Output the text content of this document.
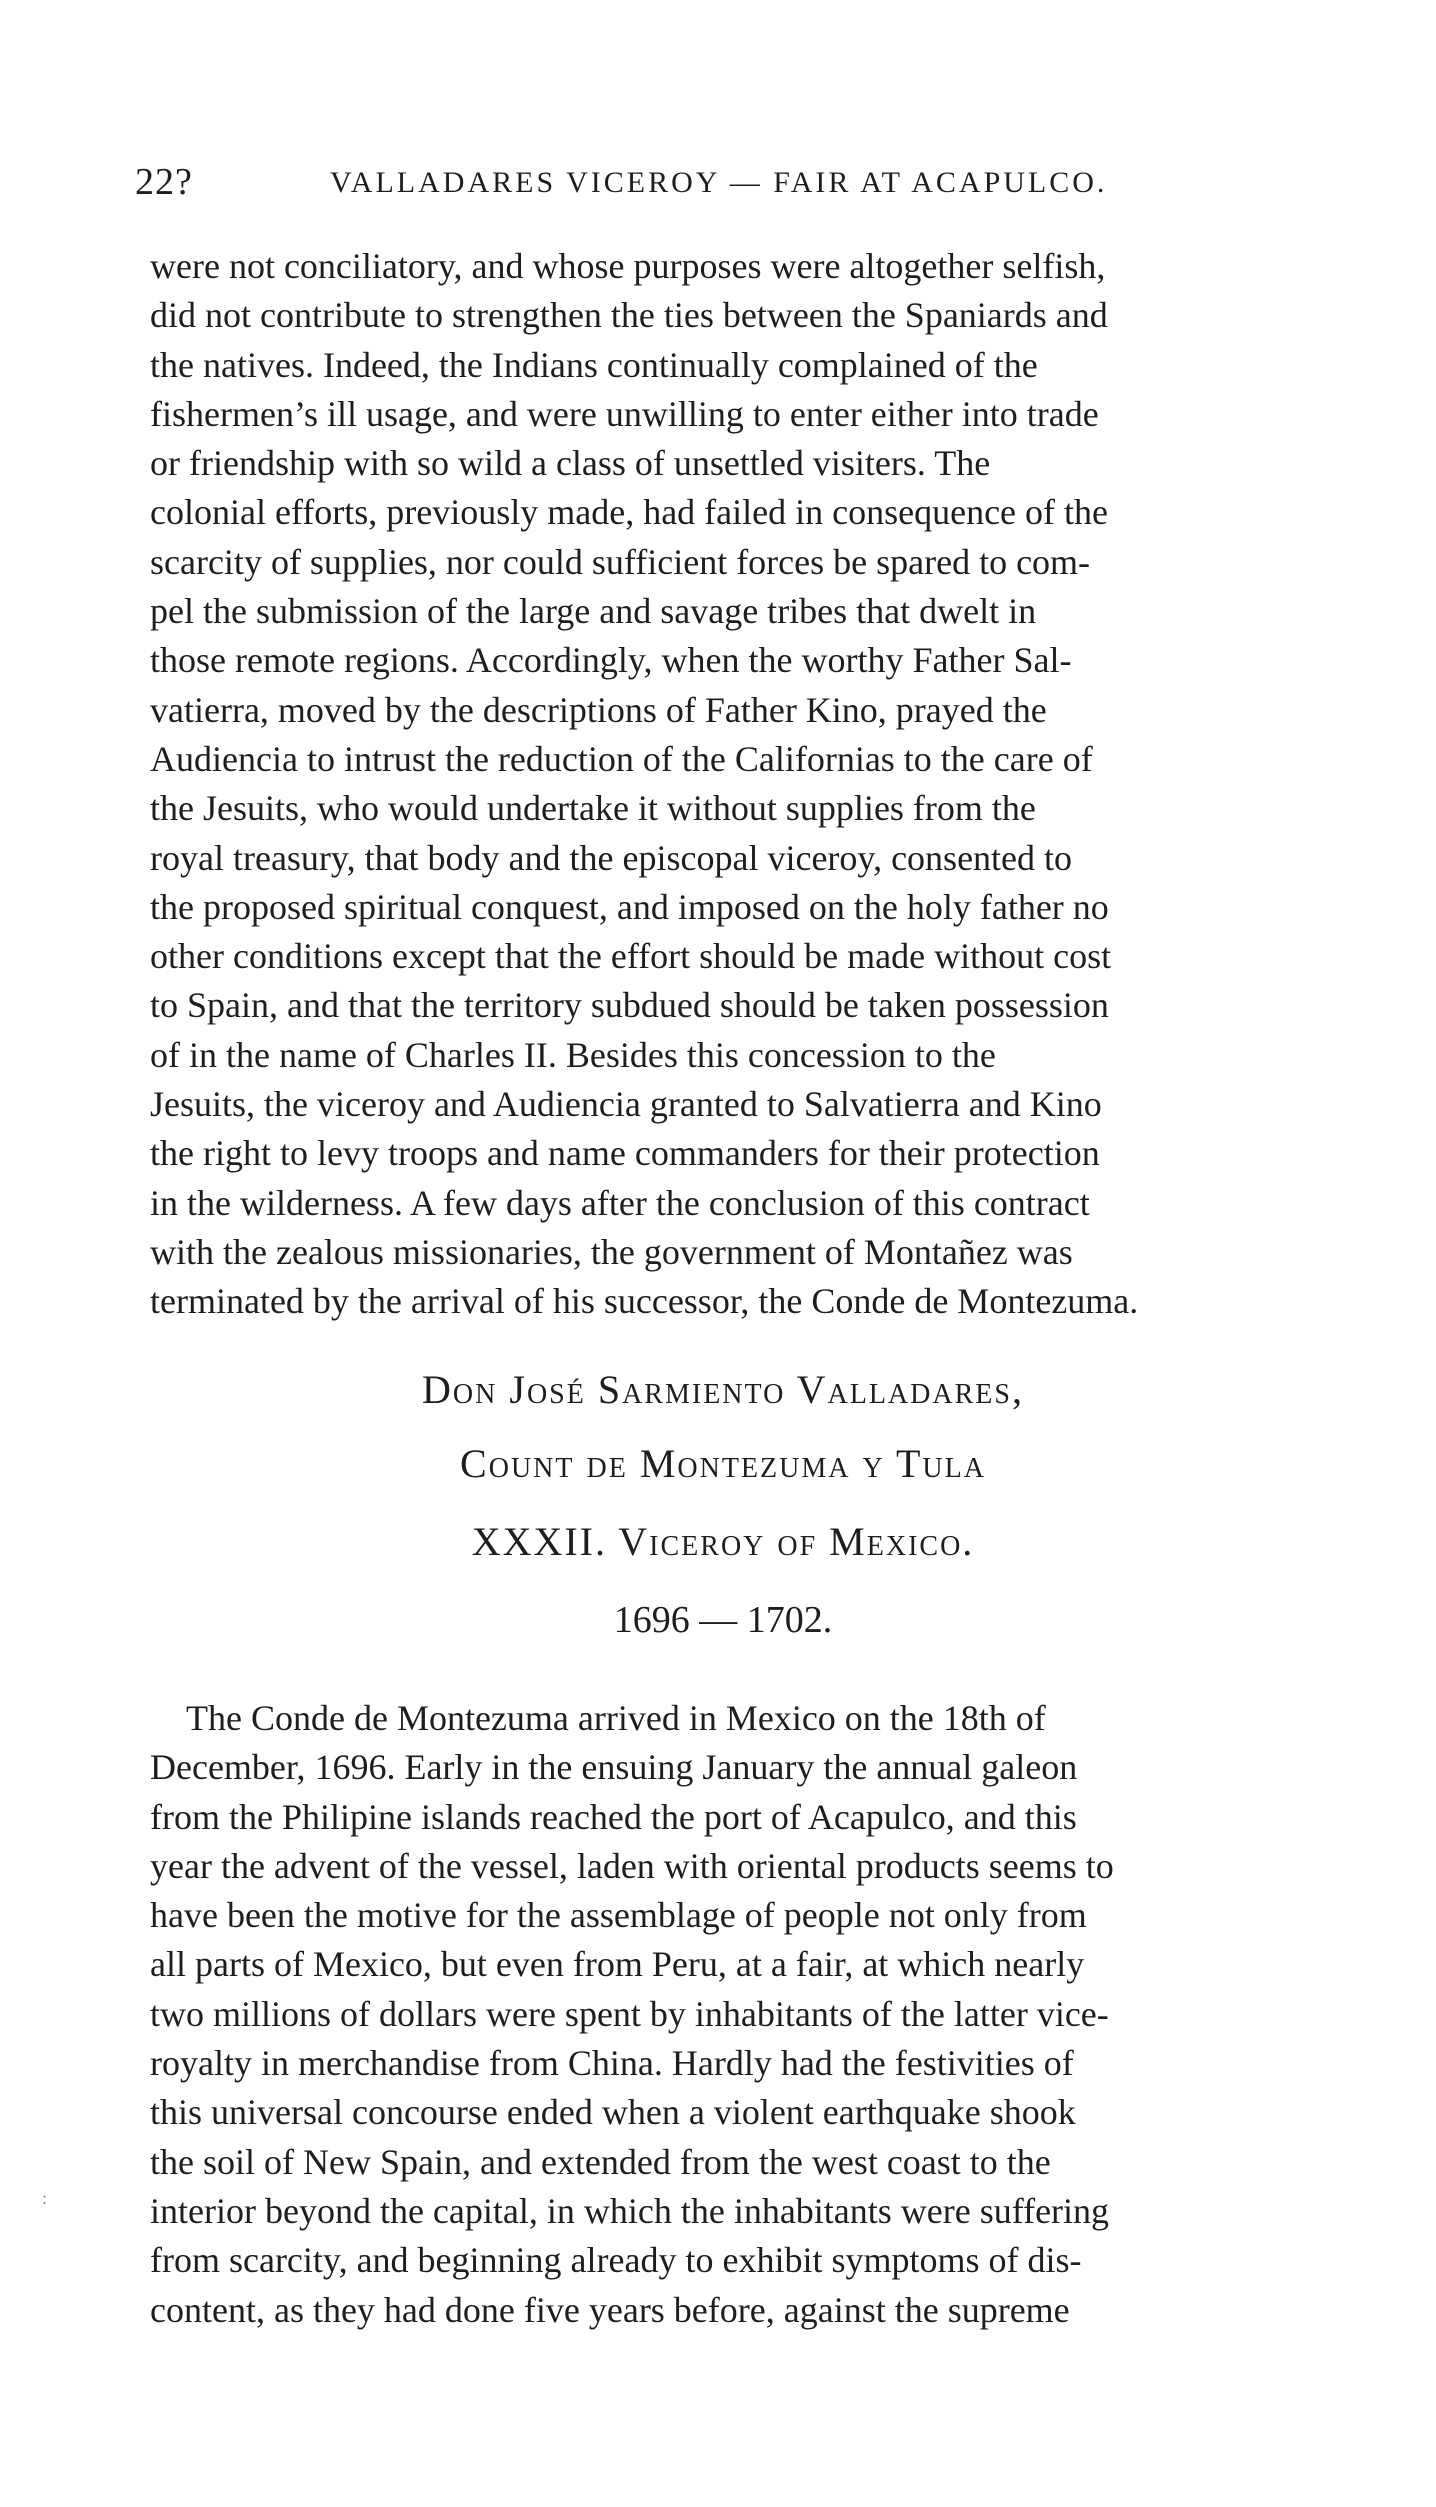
22?	VALLADARES VICEROY — FAIR AT ACAPULCO.
were not conciliatory, and whose purposes were altogether selfish,
did not contribute to strengthen the ties between the Spaniards and
the natives. Indeed, the Indians continually complained of the
fishermen’s ill usage, and were unwilling to enter either into trade
or friendship with so wild a class of unsettled visiters. The
colonial efforts, previously made, had failed in consequence of the
scarcity of supplies, nor could sufficient forces be spared to com-
pel the submission of the large and savage tribes that dwelt in
those remote regions. Accordingly, when the worthy Father Sal-
vatierra, moved by the descriptions of Father Kino, prayed the
Audiencia to intrust the reduction of the Californias to the care of
the Jesuits, who would undertake it without supplies from the
royal treasury, that body and the episcopal viceroy, consented to
the proposed spiritual conquest, and imposed on the holy father no
other conditions except that the effort should be made without cost
to Spain, and that the territory subdued should be taken possession
of in the name of Charles II. Besides this concession to the
Jesuits, the viceroy and Audiencia granted to Salvatierra and Kino
the right to levy troops and name commanders for their protection
in the wilderness. A few days after the conclusion of this contract
with the zealous missionaries, the government of Montañez was
terminated by the arrival of his successor, the Conde de Montezuma.
Don José Sarmiento Valladares,
Count de Montezuma y Tula
XXXII. Viceroy of Mexico.
1696 — 1702.
The Conde de Montezuma arrived in Mexico on the 18th of
December, 1696. Early in the ensuing January the annual galeon
from the Philipine islands reached the port of Acapulco, and this
year the advent of the vessel, laden with oriental products seems to
have been the motive for the assemblage of people not only from
all parts of Mexico, but even from Peru, at a fair, at which nearly
two millions of dollars were spent by inhabitants of the latter vice-
royalty in merchandise from China. Hardly had the festivities of
this universal concourse ended when a violent earthquake shook
the soil of New Spain, and extended from the west coast to the
interior beyond the capital, in which the inhabitants were suffering
from scarcity, and beginning already to exhibit symptoms of dis-
content, as they had done five years before, against the supreme
:
